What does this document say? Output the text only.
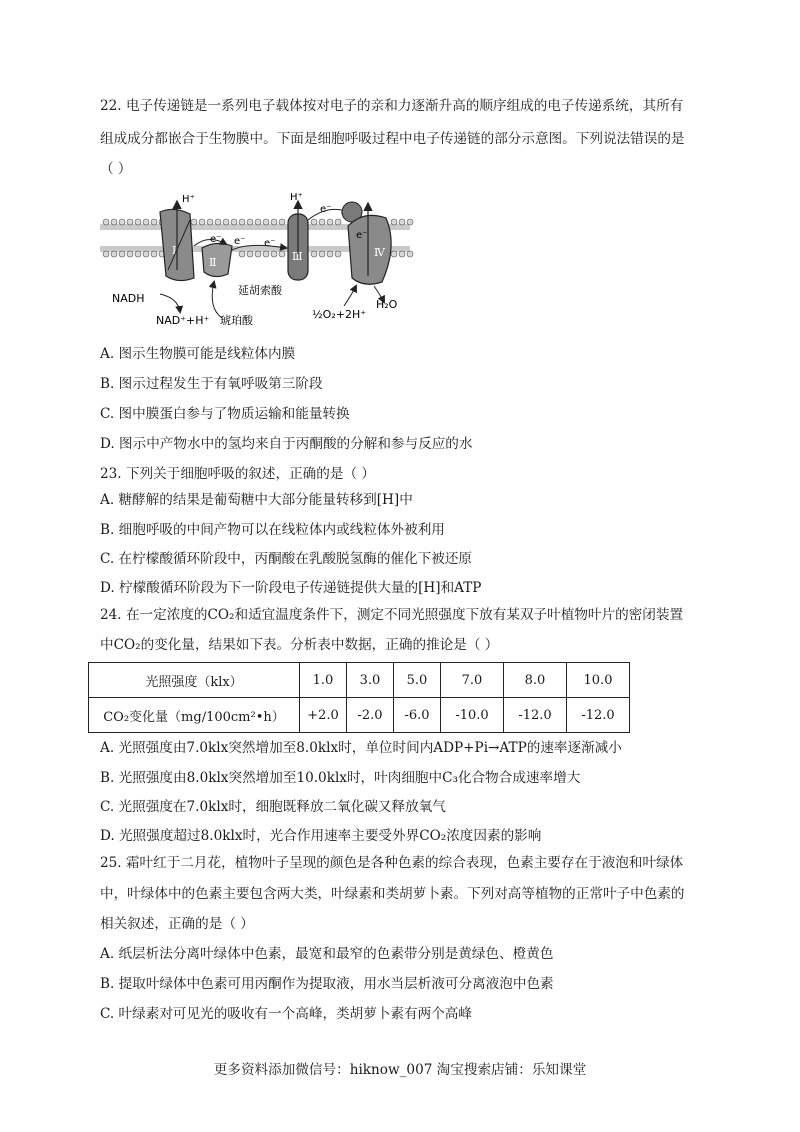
22. 电子传递链是一系列电子载体按对电子的亲和力逐渐升高的顺序组成的电子传递系统，其所有
组成成分都嵌合于生物膜中。下面是细胞呼吸过程中电子传递链的部分示意图。下列说法错误的是
（ ）
Ⅰ
H⁺
Ⅱ
e⁻ e⁻ e⁻
Ⅲ
H⁺
e⁻
Ⅳ
e⁻
H₂O
NADH
NAD⁺+H⁺
延胡索酸
琥珀酸	½O₂+2H⁺
A. 图示生物膜可能是线粒体内膜
B. 图示过程发生于有氧呼吸第三阶段
C. 图中膜蛋白参与了物质运输和能量转换
D. 图示中产物水中的氢均来自于丙酮酸的分解和参与反应的水
23. 下列关于细胞呼吸的叙述，正确的是（ ）
A. 糖酵解的结果是葡萄糖中大部分能量转移到[H]中
B. 细胞呼吸的中间产物可以在线粒体内或线粒体外被利用
C. 在柠檬酸循环阶段中，丙酮酸在乳酸脱氢酶的催化下被还原
D. 柠檬酸循环阶段为下一阶段电子传递链提供大量的[H]和ATP
24. 在一定浓度的CO₂和适宜温度条件下，测定不同光照强度下放有某双子叶植物叶片的密闭装置
中CO₂的变化量，结果如下表。分析表中数据，正确的推论是（ ）
光照强度（klx）	1.0	3.0	5.0	7.0	8.0	10.0
CO₂变化量（mg/100cm²•h）	+2.0	-2.0	-6.0	-10.0	-12.0	-12.0
A. 光照强度由7.0klx突然增加至8.0klx时，单位时间内ADP+Pi→ATP的速率逐渐减小
B. 光照强度由8.0klx突然增加至10.0klx时，叶肉细胞中C₃化合物合成速率增大
C. 光照强度在7.0klx时，细胞既释放二氧化碳又释放氧气
D. 光照强度超过8.0klx时，光合作用速率主要受外界CO₂浓度因素的影响
25. 霜叶红于二月花，植物叶子呈现的颜色是各种色素的综合表现，色素主要存在于液泡和叶绿体
中，叶绿体中的色素主要包含两大类，叶绿素和类胡萝卜素。下列对高等植物的正常叶子中色素的
相关叙述，正确的是（ ）
A. 纸层析法分离叶绿体中色素，最宽和最窄的色素带分别是黄绿色、橙黄色
B. 提取叶绿体中色素可用丙酮作为提取液，用水当层析液可分离液泡中色素
C. 叶绿素对可见光的吸收有一个高峰，类胡萝卜素有两个高峰
更多资料添加微信号：hiknow_007 淘宝搜索店铺：乐知课堂
